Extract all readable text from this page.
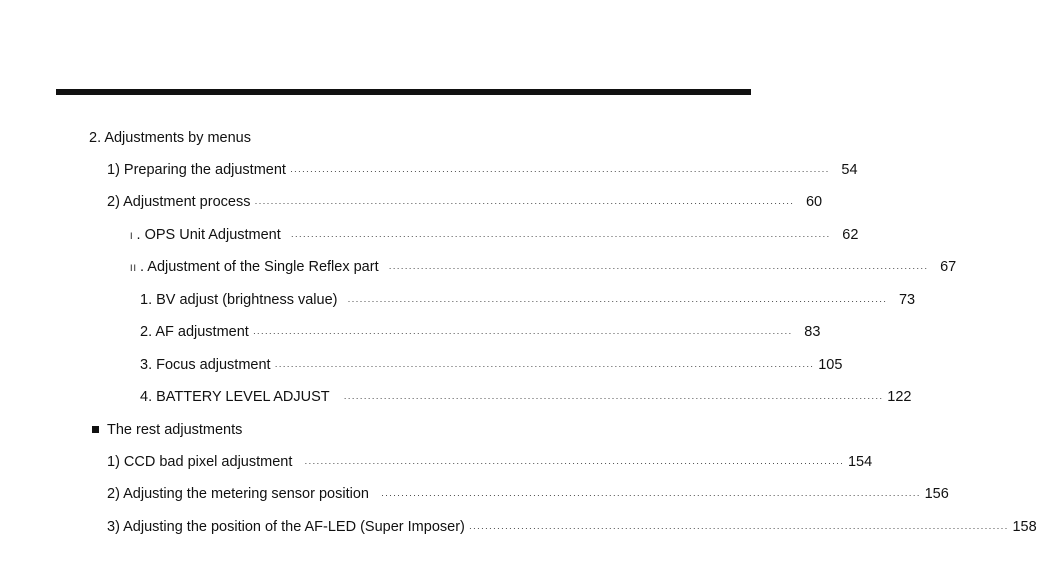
2. Adjustments by menus
1) Preparing the adjustment ······································································································································· 54
2) Adjustment process ······································································································································· 60
I . OPS Unit Adjustment ······································································································································· 62
II . Adjustment of the Single Reflex part ······································································································································· 67
1. BV adjust (brightness value) ······································································································································· 73
2. AF adjustment ······································································································································· 83
3. Focus adjustment ······································································································································· 105
4. BATTERY LEVEL ADJUST ······································································································································· 122
The rest adjustments
1) CCD bad pixel adjustment ······································································································································· 154
2) Adjusting the metering sensor position ······································································································································· 156
3) Adjusting the position of the AF-LED (Super Imposer) ······································································································································· 158
